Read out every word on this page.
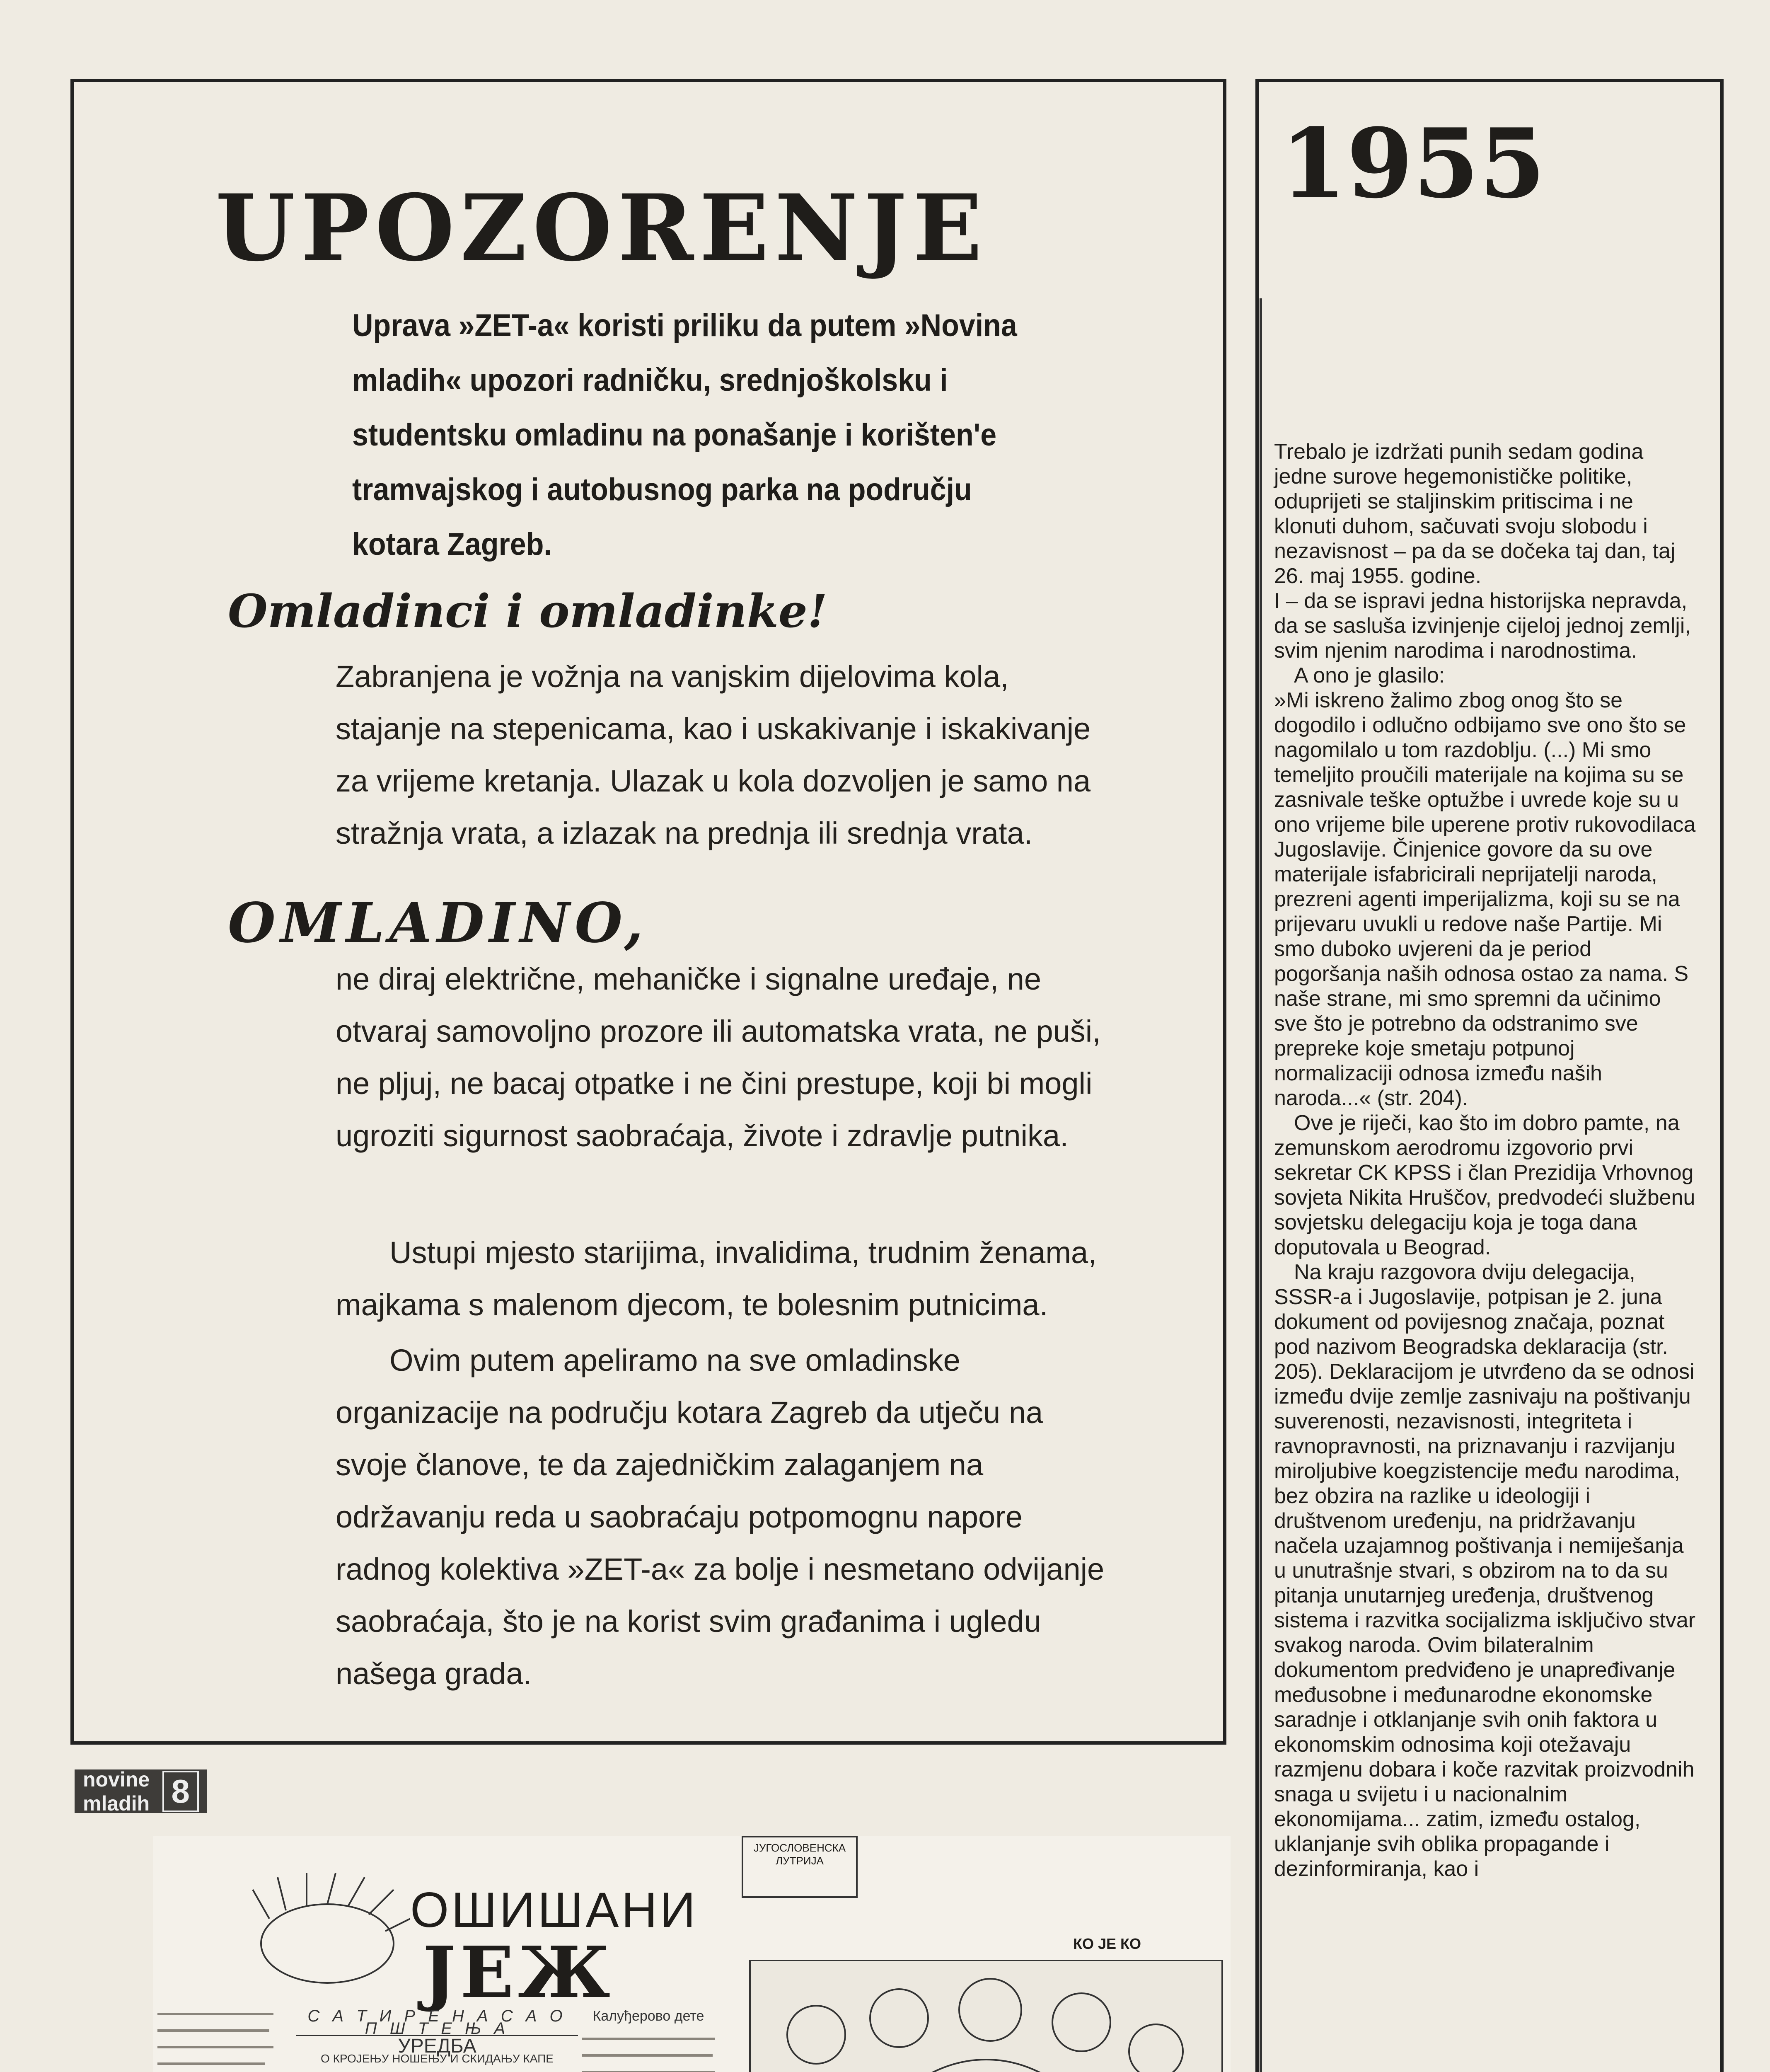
UPOZORENJE
Uprava »ZET-a« koristi priliku da putem »Novina mladih« upozori radničku, srednjoškolsku i studentsku omladinu na ponašanje i korišten'e tramvajskog i autobusnog parka na području kotara Zagreb.
Omladinci i omladinke!
Zabranjena je vožnja na vanjskim dijelovima kola, stajanje na stepenicama, kao i uskakivanje i iskakivanje za vrijeme kretanja. Ulazak u kola dozvoljen je samo na stražnja vrata, a izlazak na prednja ili srednja vrata.
OMLADINO,
ne diraj električne, mehaničke i signalne uređaje, ne otvaraj samovoljno prozore ili automatska vrata, ne puši, ne pljuj, ne bacaj otpatke i ne čini prestupe, koji bi mogli ugroziti sigurnost saobraćaja, živote i zdravlje putnika.
Ustupi mjesto starijima, invalidima, trudnim ženama, majkama s malenom djecom, te bolesnim putnicima.
Ovim putem apeliramo na sve omladinske organizacije na području kotara Zagreb da utječu na svoje članove, te da zajedničkim zalaganjem na održavanju reda u saobraćaju potpomognu napore radnog kolektiva »ZET-a« za bolje i nesmetano odvijanje saobraćaja, što je na korist svim građanima i ugledu našega grada.
novine mladih 8
1955

Trebalo je izdržati punih sedam godina jedne surove hegemonističke politike, oduprijeti se staljinskim pritiscima i ne klonuti duhom, sačuvati svoju slobodu i nezavisnost – pa da se dočeka taj dan, taj 26. maj 1955. godine.

I – da se ispravi jedna historijska nepravda, da se sasluša izvinjenje cijeloj jednoj zemlji, svim njenim narodima i narodnostima.

A ono je glasilo:

»Mi iskreno žalimo zbog onog što se dogodilo i odlučno odbijamo sve ono što se nagomilalo u tom razdoblju. (...) Mi smo temeljito proučili materijale na kojima su se zasnivale teške optužbe i uvrede koje su u ono vrijeme bile uperene protiv rukovodilaca Jugoslavije. Činjenice govore da su ove materijale isfabricirali neprijatelji naroda, prezreni agenti imperijalizma, koji su se na prijevaru uvukli u redove naše Partije. Mi smo duboko uvjereni da je period pogoršanja naših odnosa ostao za nama. S naše strane, mi smo spremni da učinimo sve što je potrebno da odstranimo sve prepreke koje smetaju potpunoj normalizaciji odnosa između naših naroda...« (str. 204).

Ove je riječi, kao što im dobro pamte, na zemunskom aerodromu izgovorio prvi sekretar CK KPSS i član Prezidija Vrhovnog sovjeta Nikita Hruščov, predvodeći službenu sovjetsku delegaciju koja je toga dana doputovala u Beograd.

Na kraju razgovora dviju delegacija, SSSR-a i Jugoslavije, potpisan je 2. juna dokument od povijesnog značaja, poznat pod nazivom Beogradska deklaracija (str. 205). Deklaracijom je utvrđeno da se odnosi između dvije zemlje zasnivaju na poštivanju suverenosti, nezavisnosti, integriteta i ravnopravnosti, na priznavanju i razvijanju miroljubive koegzistencije među narodima, bez obzira na razlike u ideologiji i društvenom uređenju, na pridržavanju načela uzajamnog poštivanja i nemiješanja u unutrašnje stvari, s obzirom na to da su pitanja unutarnjeg uređenja, društvenog sistema i razvitka socijalizma isključivo stvar svakog naroda. Ovim bilateralnim dokumentom predviđeno je unapređivanje međusobne i međunarodne ekonomske saradnje i otklanjanje svih onih faktora u ekonomskim odnosima koji otežavaju razmjenu dobara i koče razvitak proizvodnih snaga u svijetu i u nacionalnim ekonomijama... zatim, između ostalog, uklanjanje svih oblika propagande i dezinformiranja, kao i

ОШИШАНИ
ЈЕЖ
С А Т И Р Е Н А С А О П Ш Т Е Њ А
УРЕДБА
О КРОЈЕЊУ НОШЕЊУ И СКИДАЊУ КАПЕ
Калуђерово дете
ЈУГОСЛОВЕНСКА ЛУТРИЈА
КО ЈЕ КО
